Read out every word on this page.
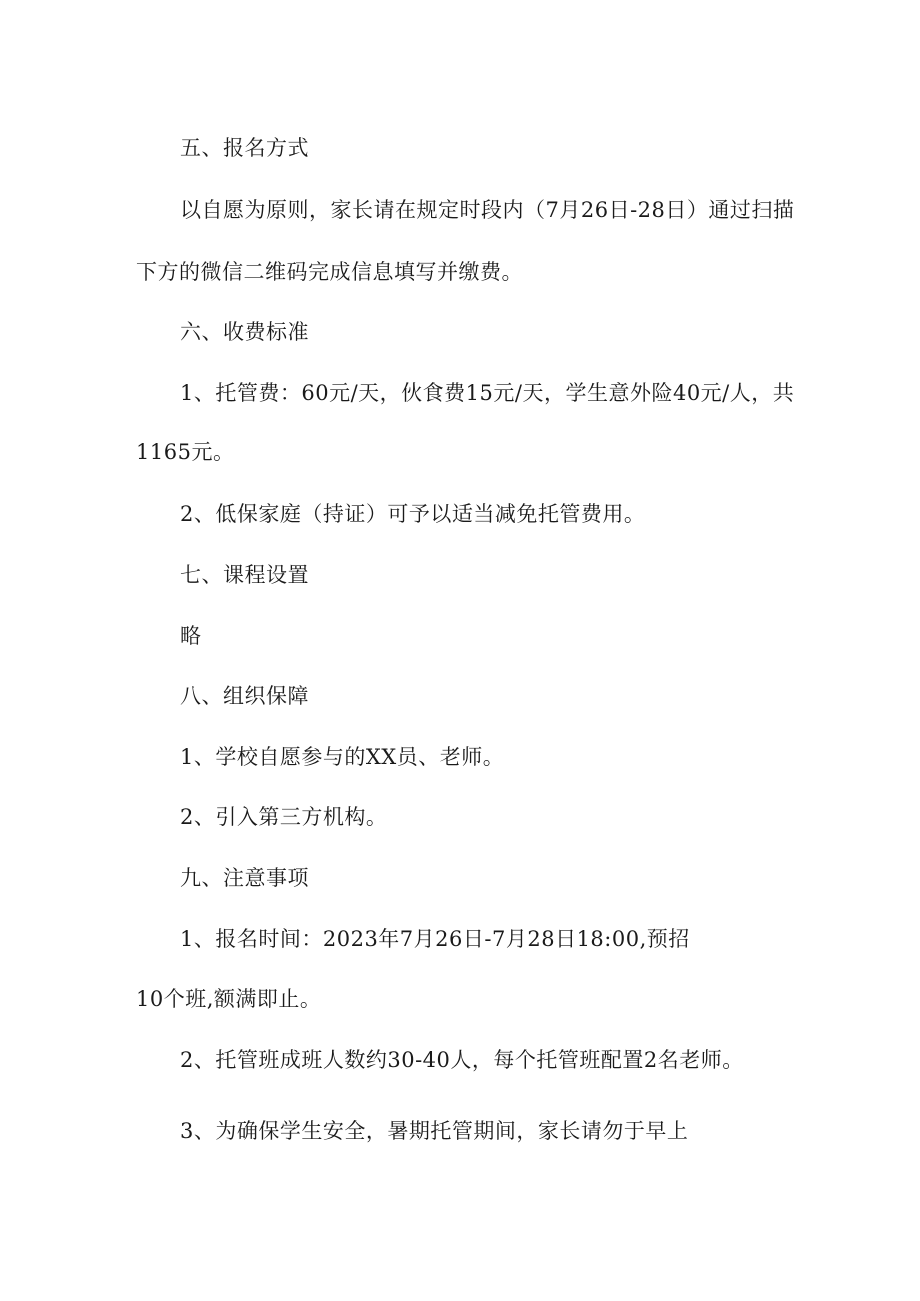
五、报名方式
以自愿为原则，家长请在规定时段内（7月26日-28日）通过扫描
下方的微信二维码完成信息填写并缴费。
六、收费标准
1、托管费：60元/天，伙食费15元/天，学生意外险40元/人，共
1165元。
2、低保家庭（持证）可予以适当减免托管费用。
七、课程设置
略
八、组织保障
1、学校自愿参与的XX员、老师。
2、引入第三方机构。
九、注意事项
1、报名时间：2023年7月26日-7月28日18:00,预招
10个班,额满即止。
2、托管班成班人数约30-40人，每个托管班配置2名老师。
3、为确保学生安全，暑期托管期间，家长请勿于早上
